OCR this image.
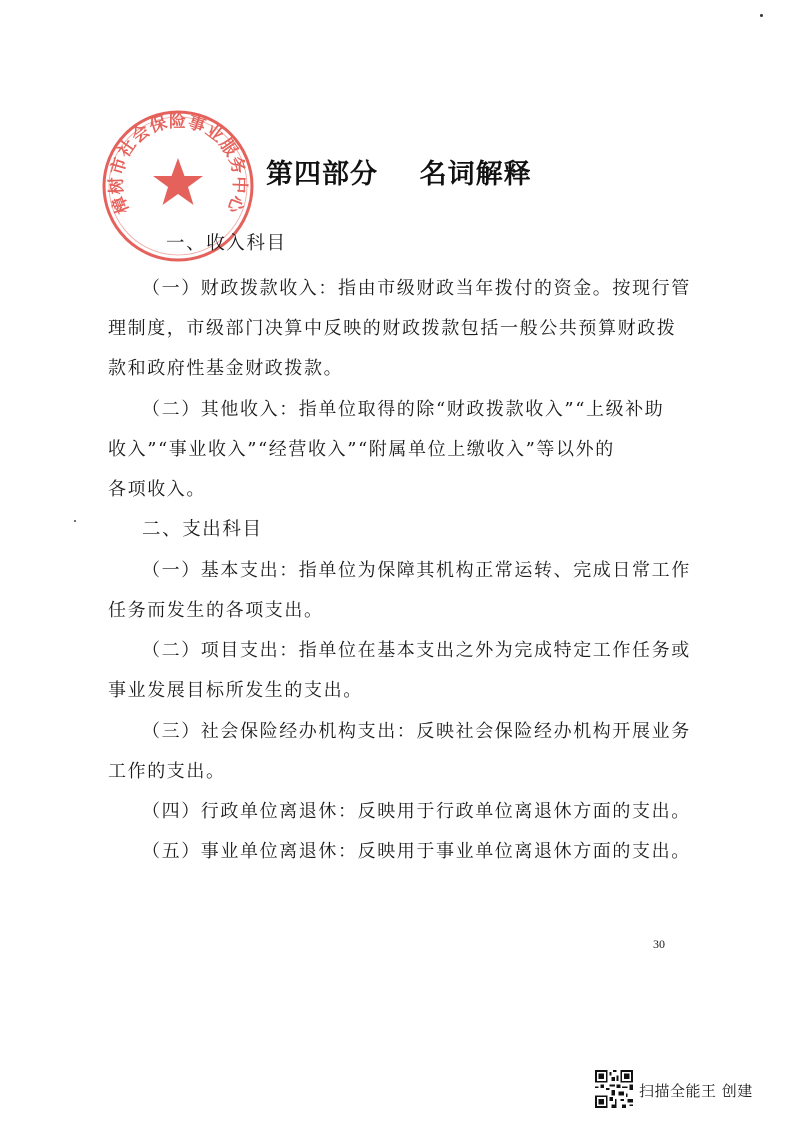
樟树市社会保险事业服务中心
第四部分    名词解释

一、收入科目

（一）财政拨款收入：指由市级财政当年拨付的资金。按现行管

理制度，市级部门决算中反映的财政拨款包括一般公共预算财政拨

款和政府性基金财政拨款。

（二）其他收入：指单位取得的除“财政拨款收入”“上级补助

收入”“事业收入”“经营收入”“附属单位上缴收入”等以外的

各项收入。

二、支出科目

（一）基本支出：指单位为保障其机构正常运转、完成日常工作

任务而发生的各项支出。

（二）项目支出：指单位在基本支出之外为完成特定工作任务或

事业发展目标所发生的支出。

（三）社会保险经办机构支出：反映社会保险经办机构开展业务

工作的支出。

（四）行政单位离退休：反映用于行政单位离退休方面的支出。

（五）事业单位离退休：反映用于事业单位离退休方面的支出。

30
扫描全能王 创建
